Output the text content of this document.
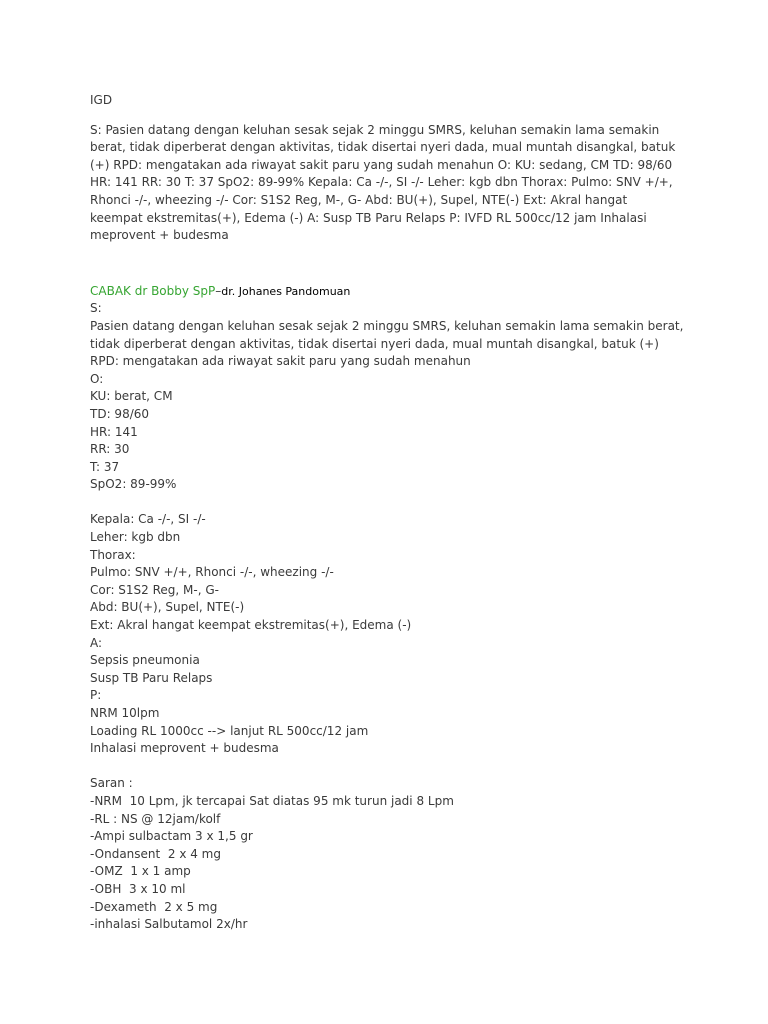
IGD
S: Pasien datang dengan keluhan sesak sejak 2 minggu SMRS, keluhan semakin lama semakin berat, tidak diperberat dengan aktivitas, tidak disertai nyeri dada, mual muntah disangkal, batuk (+) RPD: mengatakan ada riwayat sakit paru yang sudah menahun O: KU: sedang, CM TD: 98/60 HR: 141 RR: 30 T: 37 SpO2: 89-99% Kepala: Ca -/-, SI -/- Leher: kgb dbn Thorax: Pulmo: SNV +/+, Rhonci -/-, wheezing -/- Cor: S1S2 Reg, M-, G- Abd: BU(+), Supel, NTE(-) Ext: Akral hangat keempat ekstremitas(+), Edema (-) A: Susp TB Paru Relaps P: IVFD RL 500cc/12 jam Inhalasi meprovent + budesma
CABAK dr Bobby SpP–dr. Johanes Pandomuan
S:
Pasien datang dengan keluhan sesak sejak 2 minggu SMRS, keluhan semakin lama semakin berat, tidak diperberat dengan aktivitas, tidak disertai nyeri dada, mual muntah disangkal, batuk (+)
RPD: mengatakan ada riwayat sakit paru yang sudah menahun
O:
KU: berat, CM
TD: 98/60
HR: 141
RR: 30
T: 37
SpO2: 89-99%
Kepala: Ca -/-, SI -/-
Leher: kgb dbn
Thorax:
Pulmo: SNV +/+, Rhonci -/-, wheezing -/-
Cor: S1S2 Reg, M-, G-
Abd: BU(+), Supel, NTE(-)
Ext: Akral hangat keempat ekstremitas(+), Edema (-)
A:
Sepsis pneumonia
Susp TB Paru Relaps
P:
NRM 10lpm
Loading RL 1000cc --> lanjut RL 500cc/12 jam
Inhalasi meprovent + budesma
Saran :
-NRM  10 Lpm, jk tercapai Sat diatas 95 mk turun jadi 8 Lpm
-RL : NS @ 12jam/kolf
-Ampi sulbactam 3 x 1,5 gr
-Ondansent  2 x 4 mg
-OMZ  1 x 1 amp
-OBH  3 x 10 ml
-Dexameth  2 x 5 mg
-inhalasi Salbutamol 2x/hr
